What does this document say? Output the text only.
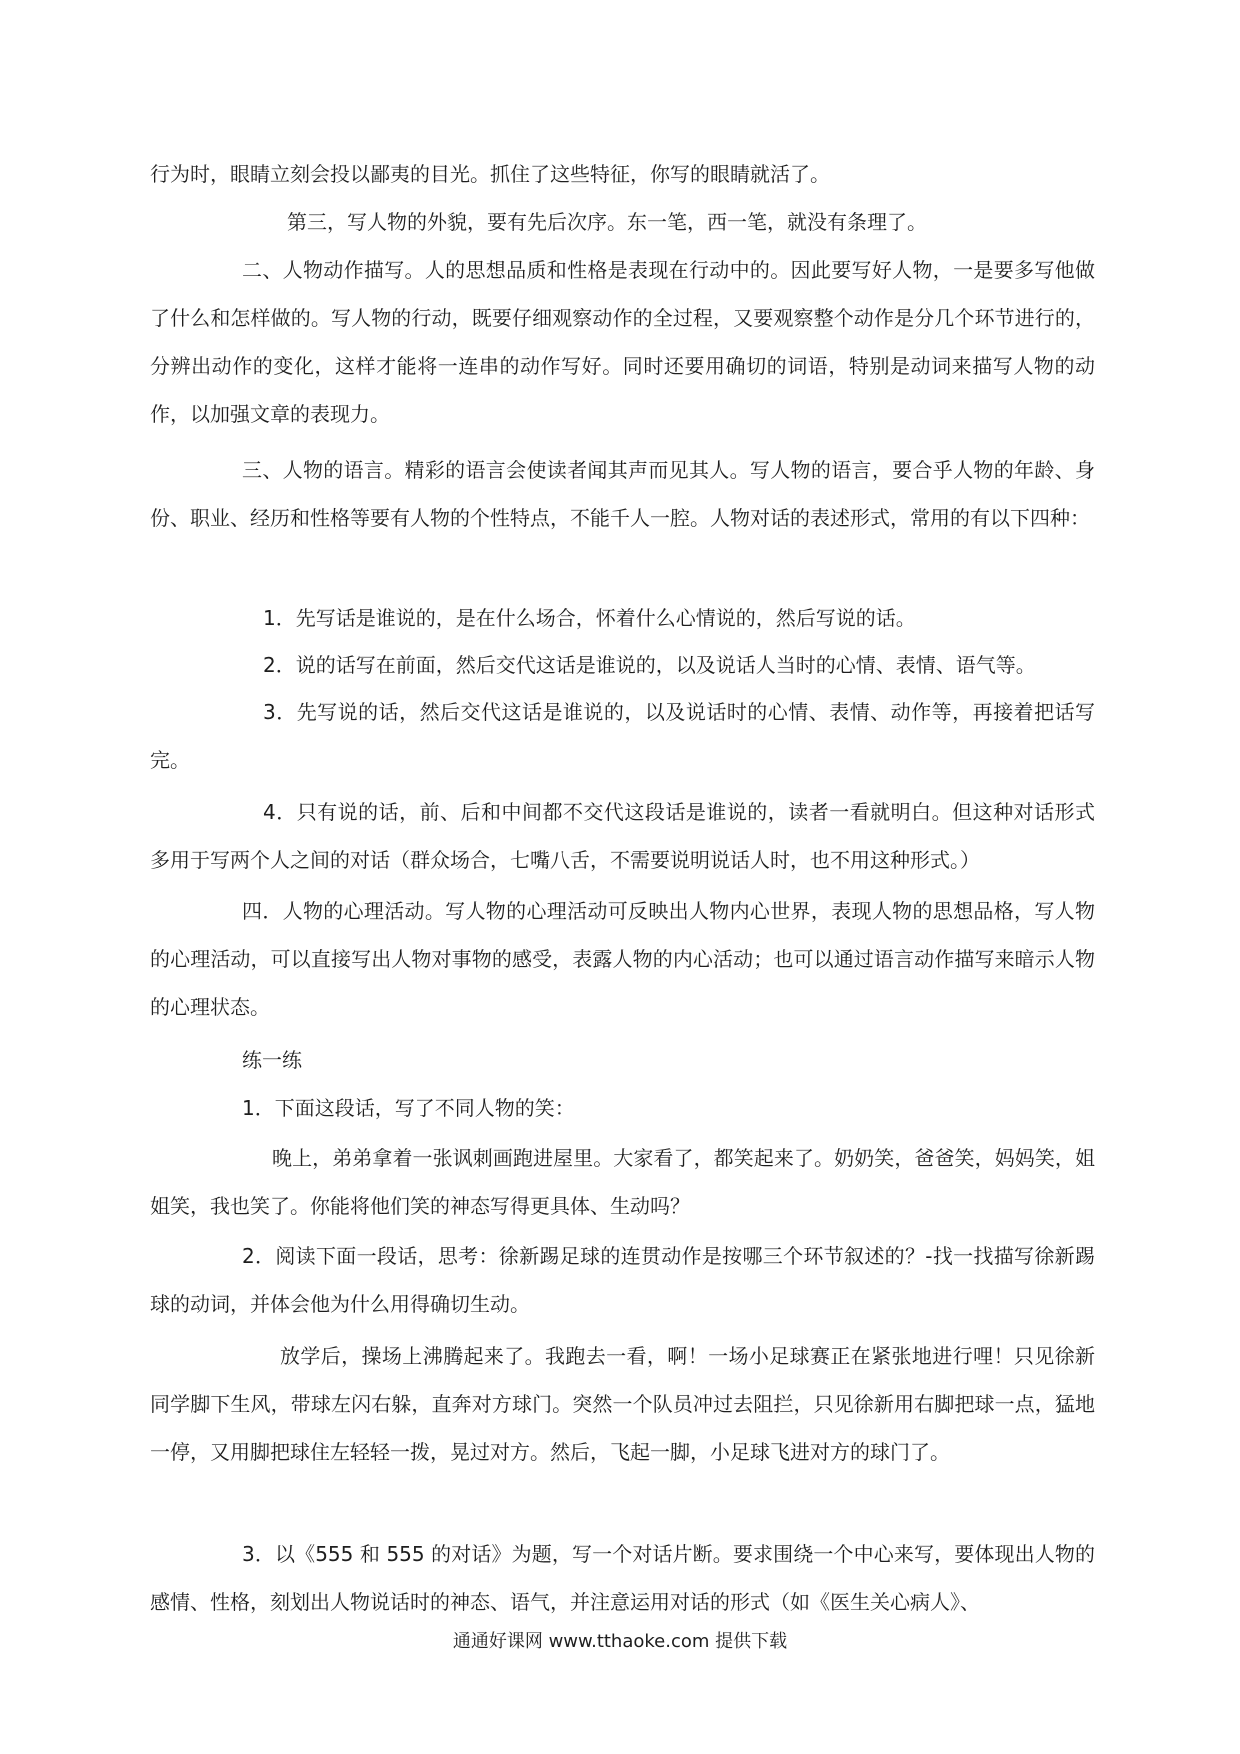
行为时，眼睛立刻会投以鄙夷的目光。抓住了这些特征，你写的眼睛就活了。

第三，写人物的外貌，要有先后次序。东一笔，西一笔，就没有条理了。

二、人物动作描写。人的思想品质和性格是表现在行动中的。因此要写好人物，一是要多写他做了什么和怎样做的。写人物的行动，既要仔细观察动作的全过程，又要观察整个动作是分几个环节进行的，分辨出动作的变化，这样才能将一连串的动作写好。同时还要用确切的词语，特别是动词来描写人物的动作，以加强文章的表现力。

三、人物的语言。精彩的语言会使读者闻其声而见其人。写人物的语言，要合乎人物的年龄、身份、职业、经历和性格等要有人物的个性特点，不能千人一腔。人物对话的表述形式，常用的有以下四种：

1．先写话是谁说的，是在什么场合，怀着什么心情说的，然后写说的话。

2．说的话写在前面，然后交代这话是谁说的，以及说话人当时的心情、表情、语气等。

3．先写说的话，然后交代这话是谁说的，以及说话时的心情、表情、动作等，再接着把话写完。

4．只有说的话，前、后和中间都不交代这段话是谁说的，读者一看就明白。但这种对话形式多用于写两个人之间的对话（群众场合，七嘴八舌，不需要说明说话人时，也不用这种形式。）

四．人物的心理活动。写人物的心理活动可反映出人物内心世界，表现人物的思想品格，写人物的心理活动，可以直接写出人物对事物的感受，表露人物的内心活动；也可以通过语言动作描写来暗示人物的心理状态。

练一练

1．下面这段话，写了不同人物的笑：

晚上，弟弟拿着一张讽刺画跑进屋里。大家看了，都笑起来了。奶奶笑，爸爸笑，妈妈笑，姐姐笑，我也笑了。你能将他们笑的神态写得更具体、生动吗？

2．阅读下面一段话，思考：徐新踢足球的连贯动作是按哪三个环节叙述的？-找一找描写徐新踢球的动词，并体会他为什么用得确切生动。

放学后，操场上沸腾起来了。我跑去一看，啊！一场小足球赛正在紧张地进行哩！只见徐新同学脚下生风，带球左闪右躲，直奔对方球门。突然一个队员冲过去阻拦，只见徐新用右脚把球一点，猛地一停，又用脚把球住左轻轻一拨，晃过对方。然后，飞起一脚，小足球飞进对方的球门了。

3．以《555 和 555 的对话》为题，写一个对话片断。要求围绕一个中心来写，要体现出人物的感情、性格，刻划出人物说话时的神态、语气，并注意运用对话的形式（如《医生关心病人》、

通通好课网 www.tthaoke.com 提供下载
